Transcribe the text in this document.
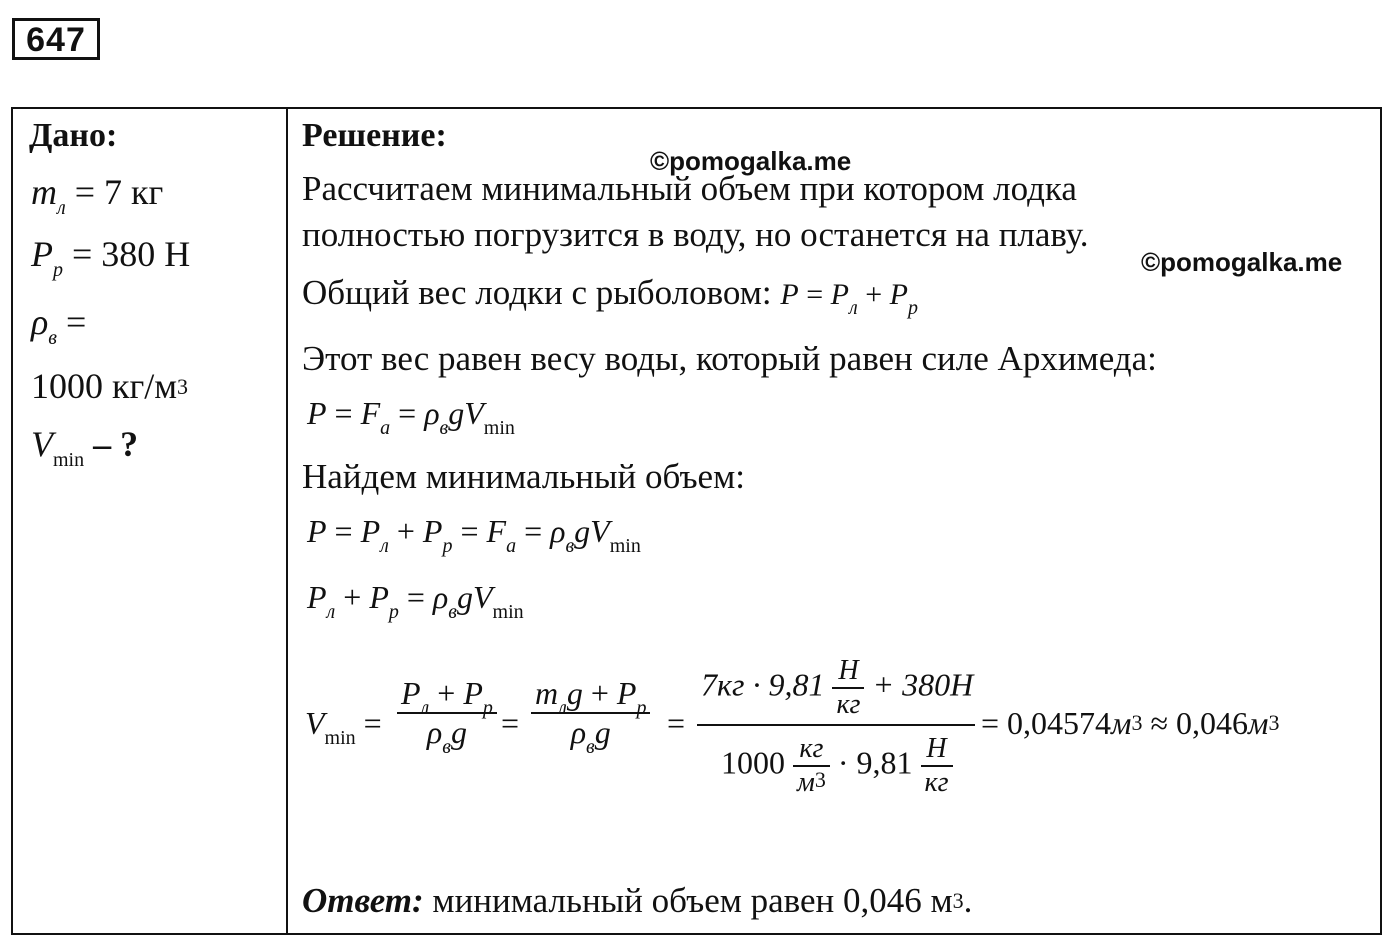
647
Дано:
$m_л = 7$ кг
$P_р = 380$ Н
$\rho_в$ =
1000 $кг/м^3$
$V_{min}$ – ?
Решение:
©pomogalka.me
Рассчитаем минимальный объем при котором лодка
полностью погрузится в воду, но останется на плаву.
©pomogalka.me
Общий вес лодки с рыболовом: $P = P_л + P_р$
Этот вес равен весу воды, который равен силе Архимеда:
$P = F_а = \rho_вgV_{min}$
Найдем минимальный объем:
$P = P_л + P_р = F_а = \rho_вgV_{min}$
$P_л + P_р = \rho_вgV_{min}$
$V_{min} = \frac{P_л + P_р}{\rho_вg} = \frac{m_лg + P_р}{\rho_вg}$ =
$7кг \cdot 9,81 \frac{Н}{кг} + 380Н$
$1000 \frac{кг}{м^3} \cdot 9,81 \frac{Н}{кг}$
= $0,04574м^3 \approx 0,046м^3$
Ответ: минимальный объем равен 0,046 $м^3$.
